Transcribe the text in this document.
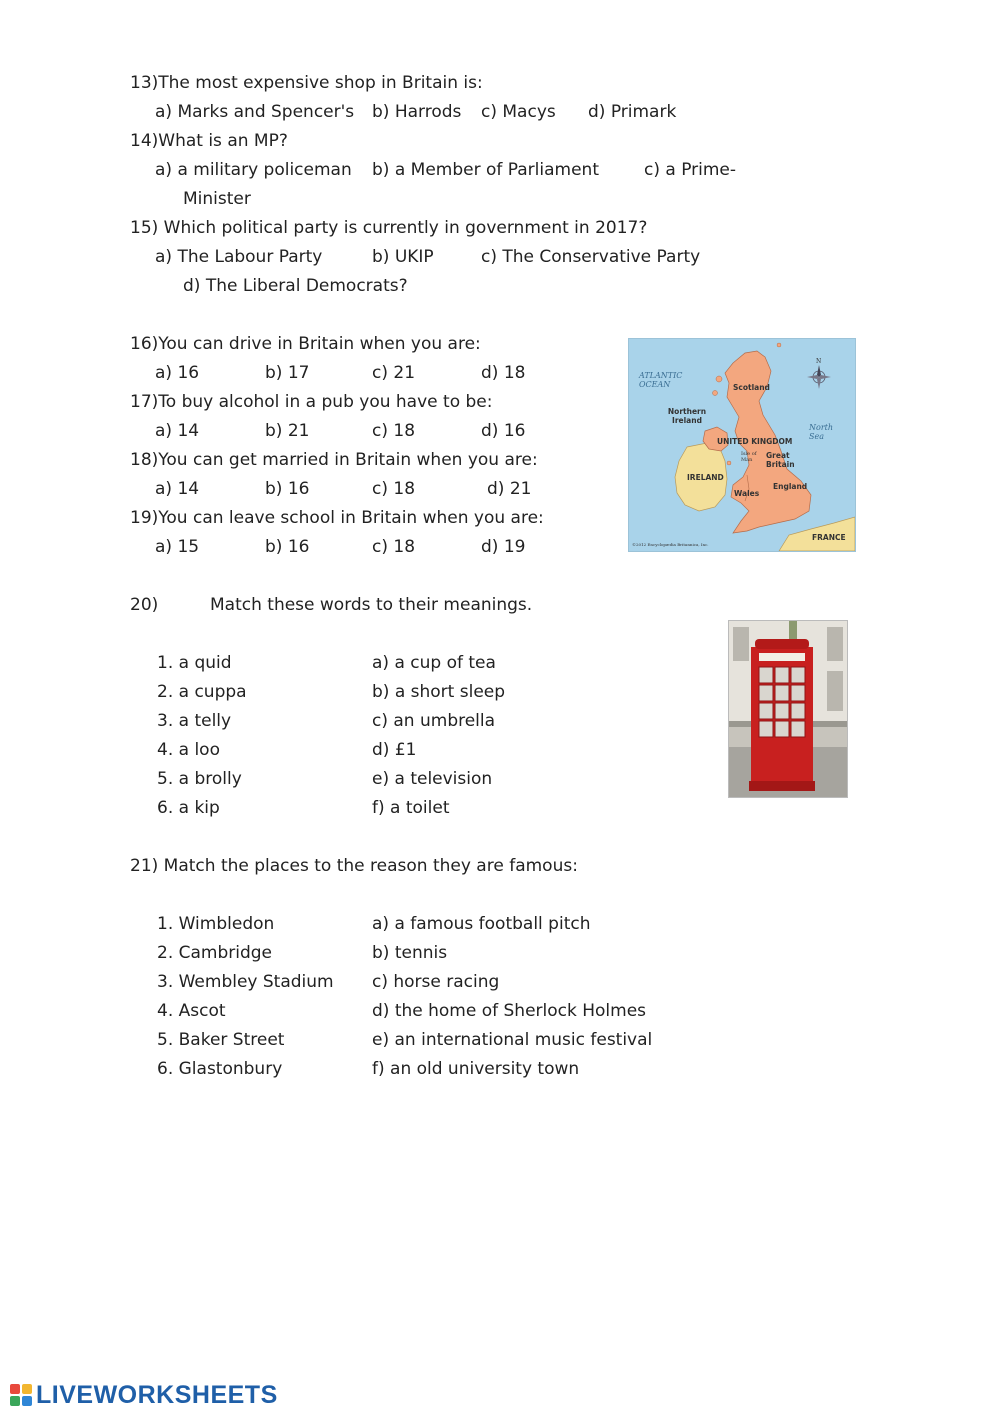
13)The most expensive shop in Britain is:
a) Marks and Spencer's b) Harrods c) Macys d) Primark
14)What is an MP?
a) a military policeman b) a Member of Parliament	c) a Prime-
Minister
15) Which political party is currently in government in 2017?
a) The Labour Party	b) UKIP	c) The Conservative Party
d) The Liberal Democrats?
16)You can drive in Britain when you are:
a) 16	b) 17	c) 21	d) 18
17)To buy alcohol in a pub you have to be:
a) 14	b) 21	c) 18	d) 16
18)You can get married in Britain when you are:
a) 14	b) 16	c) 18	d) 21
19)You can leave school in Britain when you are:
a) 15	b) 16	c) 18	d) 19
N
ATLANTIC OCEAN	Scotland
Northern Ireland
UNITED KINGDOM
North Sea
IRELAND
Isle of Man	Great Britain
England
Wales
FRANCE
©2012 Encyclopædia Britannica, Inc.
20)	Match these words to their meanings.
1. a quid	a) a cup of tea
2. a cuppa	b) a short sleep
3. a telly	c) an umbrella
4. a loo	d) £1
5. a brolly	e) a television
6. a kip	f) a toilet
21) Match the places to the reason they are famous:
1. Wimbledon	a) a famous football pitch
2. Cambridge	b) tennis
3. Wembley Stadium c) horse racing
4. Ascot	d) the home of Sherlock Holmes
5. Baker Street	e) an international music festival
6. Glastonbury	f) an old university town
LIVEWORKSHEETS
